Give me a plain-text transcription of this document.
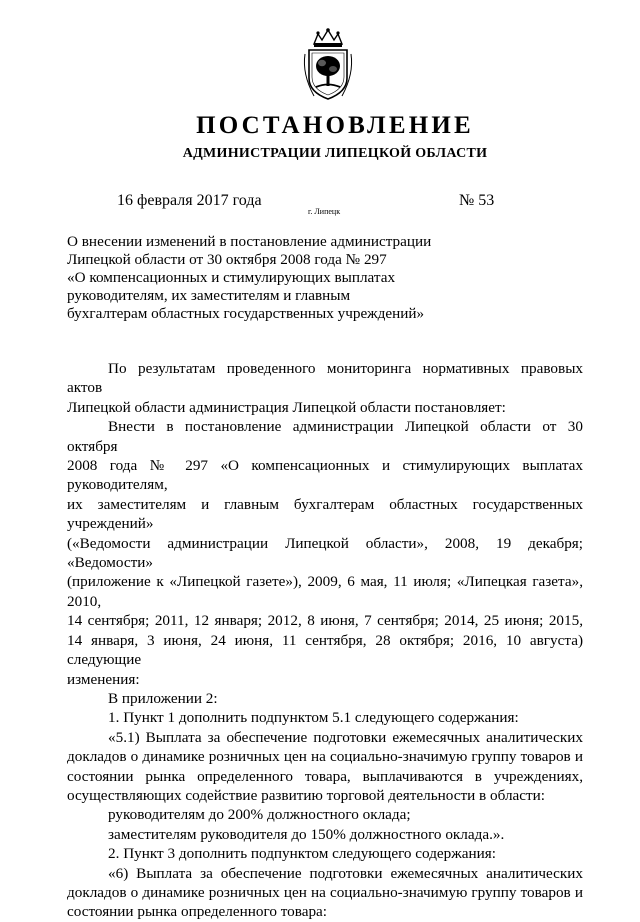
ПОСТАНОВЛЕНИЕ
АДМИНИСТРАЦИИ ЛИПЕЦКОЙ ОБЛАСТИ
16 февраля 2017 года
г. Липецк
№ 53
О внесении изменений в постановление администрации
Липецкой области от 30 октября 2008 года № 297
«О компенсационных и стимулирующих выплатах
руководителям, их заместителям и главным
бухгалтерам областных государственных учреждений»

По результатам проведенного мониторинга нормативных правовых актов

Липецкой области администрация Липецкой области постановляет:

Внести в постановление администрации Липецкой области от 30 октября

2008 года № 297 «О компенсационных и стимулирующих выплатах руководителям,

их заместителям и главным бухгалтерам областных государственных учреждений»

(«Ведомости администрации Липецкой области», 2008, 19 декабря; «Ведомости»

(приложение к «Липецкой газете»), 2009, 6 мая, 11 июля; «Липецкая газета», 2010,

14 сентября; 2011, 12 января; 2012, 8 июня, 7 сентября; 2014, 25 июня; 2015,

14 января, 3 июня, 24 июня, 11 сентября, 28 октября; 2016, 10 августа) следующие

изменения:

В приложении 2:

1. Пункт 1 дополнить подпунктом 5.1 следующего содержания:

«5.1) Выплата за обеспечение подготовки ежемесячных аналитических

докладов о динамике розничных цен на социально-значимую группу товаров и

состоянии рынка определенного товара, выплачиваются в учреждениях,

осуществляющих содействие развитию торговой деятельности в области:

руководителям до 200% должностного оклада;

заместителям руководителя до 150% должностного оклада.».

2. Пункт 3 дополнить подпунктом следующего содержания:

«6) Выплата за обеспечение подготовки ежемесячных аналитических

докладов о динамике розничных цен на социально-значимую группу товаров и

состоянии рынка определенного товара:
